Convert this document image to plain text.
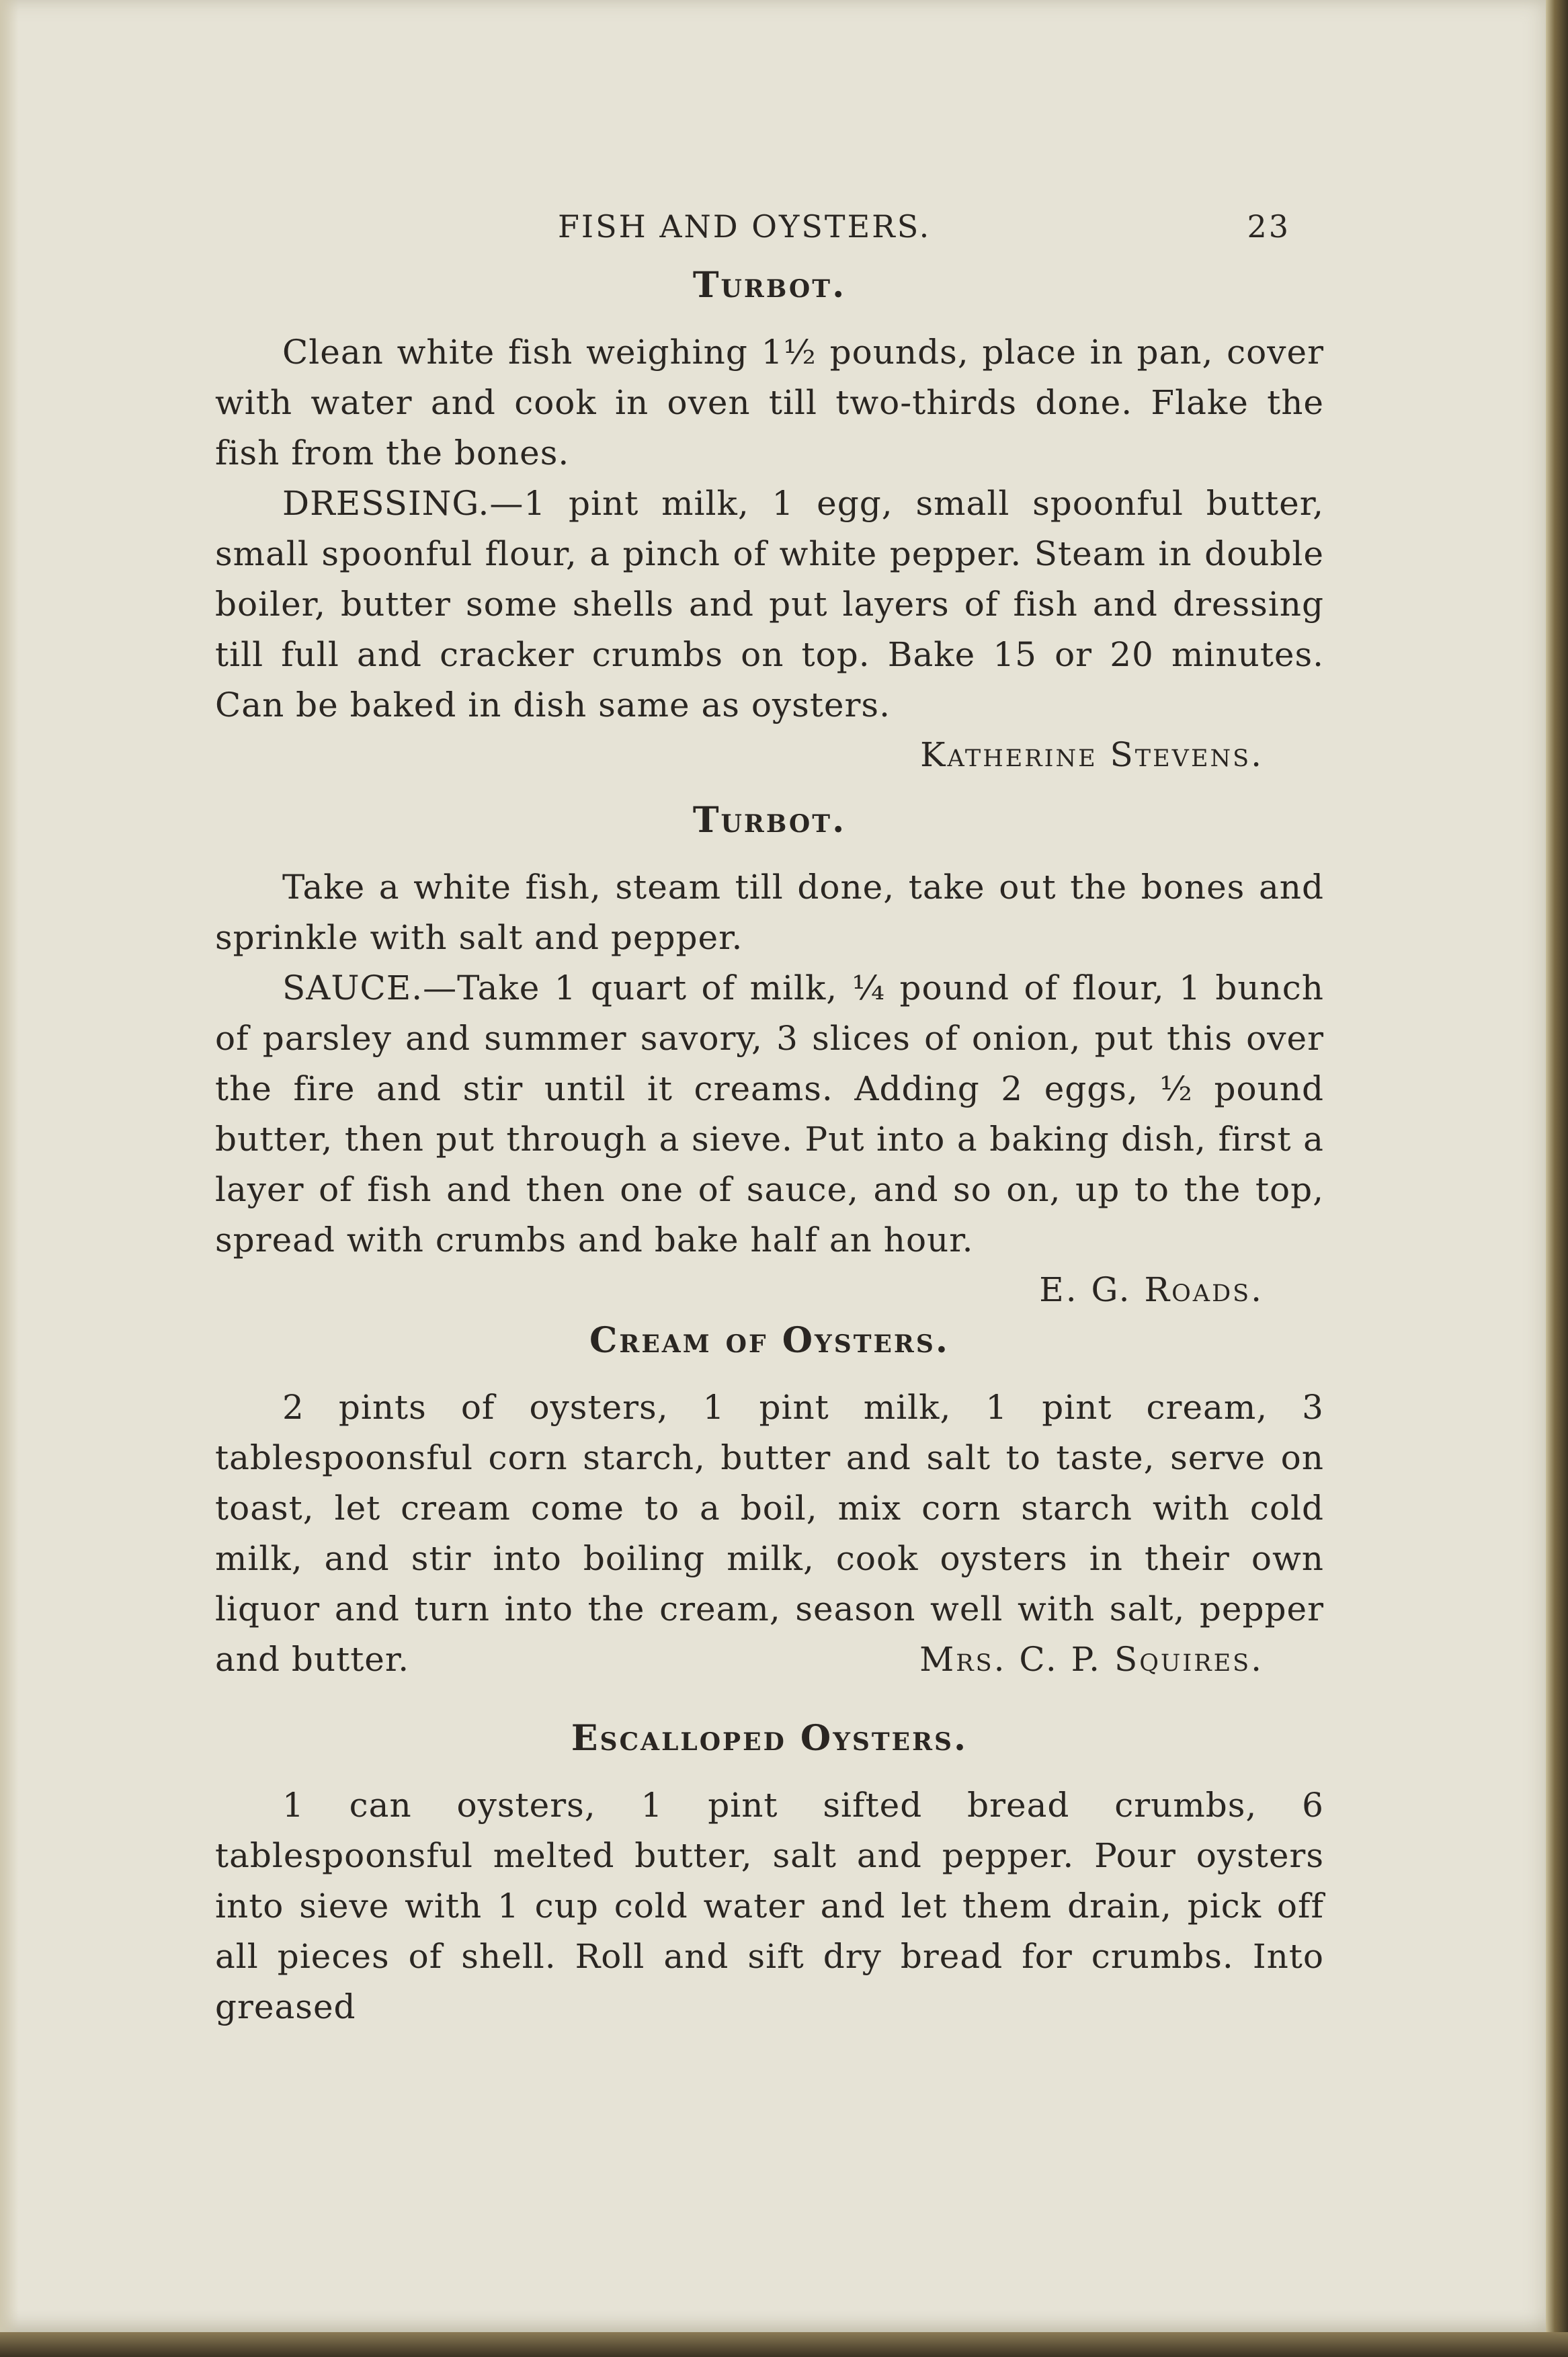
FISH AND OYSTERS.	23
Turbot.

Clean white fish weighing 1½ pounds, place in pan, cover with water and cook in oven till two-thirds done. Flake the fish from the bones.

DRESSING.—1 pint milk, 1 egg, small spoonful butter, small spoonful flour, a pinch of white pepper. Steam in double boiler, butter some shells and put layers of fish and dressing till full and cracker crumbs on top. Bake 15 or 20 minutes. Can be baked in dish same as oysters.

Katherine Stevens.
Turbot.

Take a white fish, steam till done, take out the bones and sprinkle with salt and pepper.

SAUCE.—Take 1 quart of milk, ¼ pound of flour, 1 bunch of parsley and summer savory, 3 slices of onion, put this over the fire and stir until it creams. Adding 2 eggs, ½ pound butter, then put through a sieve. Put into a baking dish, first a layer of fish and then one of sauce, and so on, up to the top, spread with crumbs and bake half an hour.

E. G. Roads.
Cream of Oysters.

2 pints of oysters, 1 pint milk, 1 pint cream, 3 tablespoonsful corn starch, butter and salt to taste, serve on toast, let cream come to a boil, mix corn starch with cold milk, and stir into boiling milk, cook oysters in their own liquor and turn into the cream, season well with salt, pepper and butter.	Mrs. C. P. Squires.

Escalloped Oysters.

1 can oysters, 1 pint sifted bread crumbs, 6 tablespoonsful melted butter, salt and pepper. Pour oysters into sieve with 1 cup cold water and let them drain, pick off all pieces of shell. Roll and sift dry bread for crumbs. Into greased
